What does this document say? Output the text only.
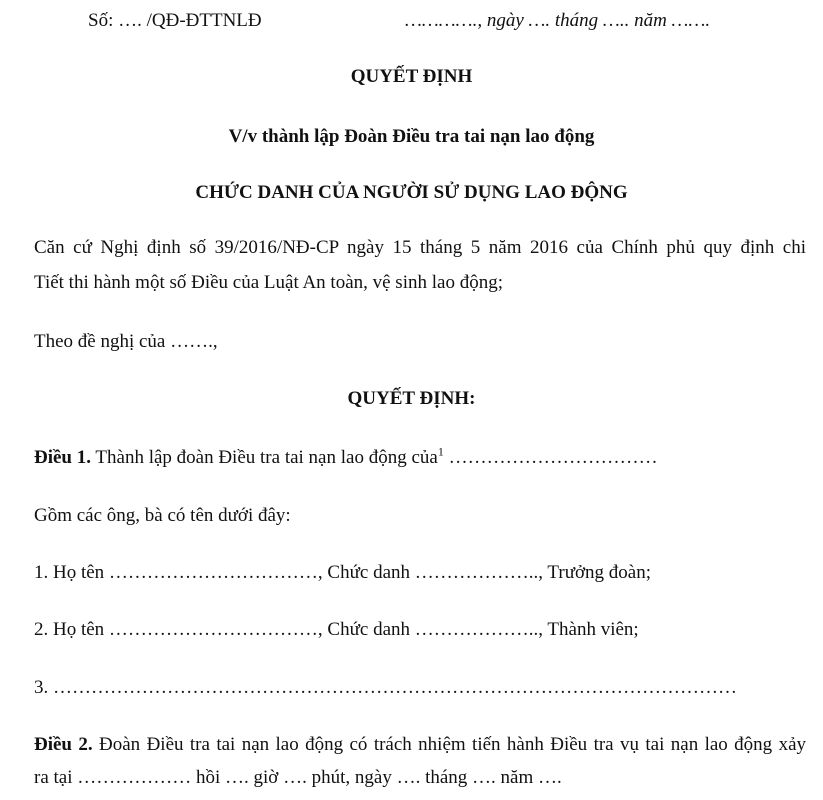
Số: …. /QĐ-ĐTTNLĐ	…………., ngày …. tháng ….. năm …….
QUYẾT ĐỊNH
V/v thành lập Đoàn Điều tra tai nạn lao động
CHỨC DANH CỦA NGƯỜI SỬ DỤNG LAO ĐỘNG
Căn cứ Nghị định số 39/2016/NĐ-CP ngày 15 tháng 5 năm 2016 của Chính phủ quy định chi
Tiết thi hành một số Điều của Luật An toàn, vệ sinh lao động;
Theo đề nghị của …….,
QUYẾT ĐỊNH:
Điều 1. Thành lập đoàn Điều tra tai nạn lao động của$^1$ ……………………………
Gồm các ông, bà có tên dưới đây:
1. Họ tên ……………………………, Chức danh ……………….., Trưởng đoàn;
2. Họ tên ……………………………, Chức danh ……………….., Thành viên;
3. ………………………………………………………………………………………………
Điều 2. Đoàn Điều tra tai nạn lao động có trách nhiệm tiến hành Điều tra vụ tai nạn lao động xảy
ra tại ……………… hồi …. giờ …. phút, ngày …. tháng …. năm ….
